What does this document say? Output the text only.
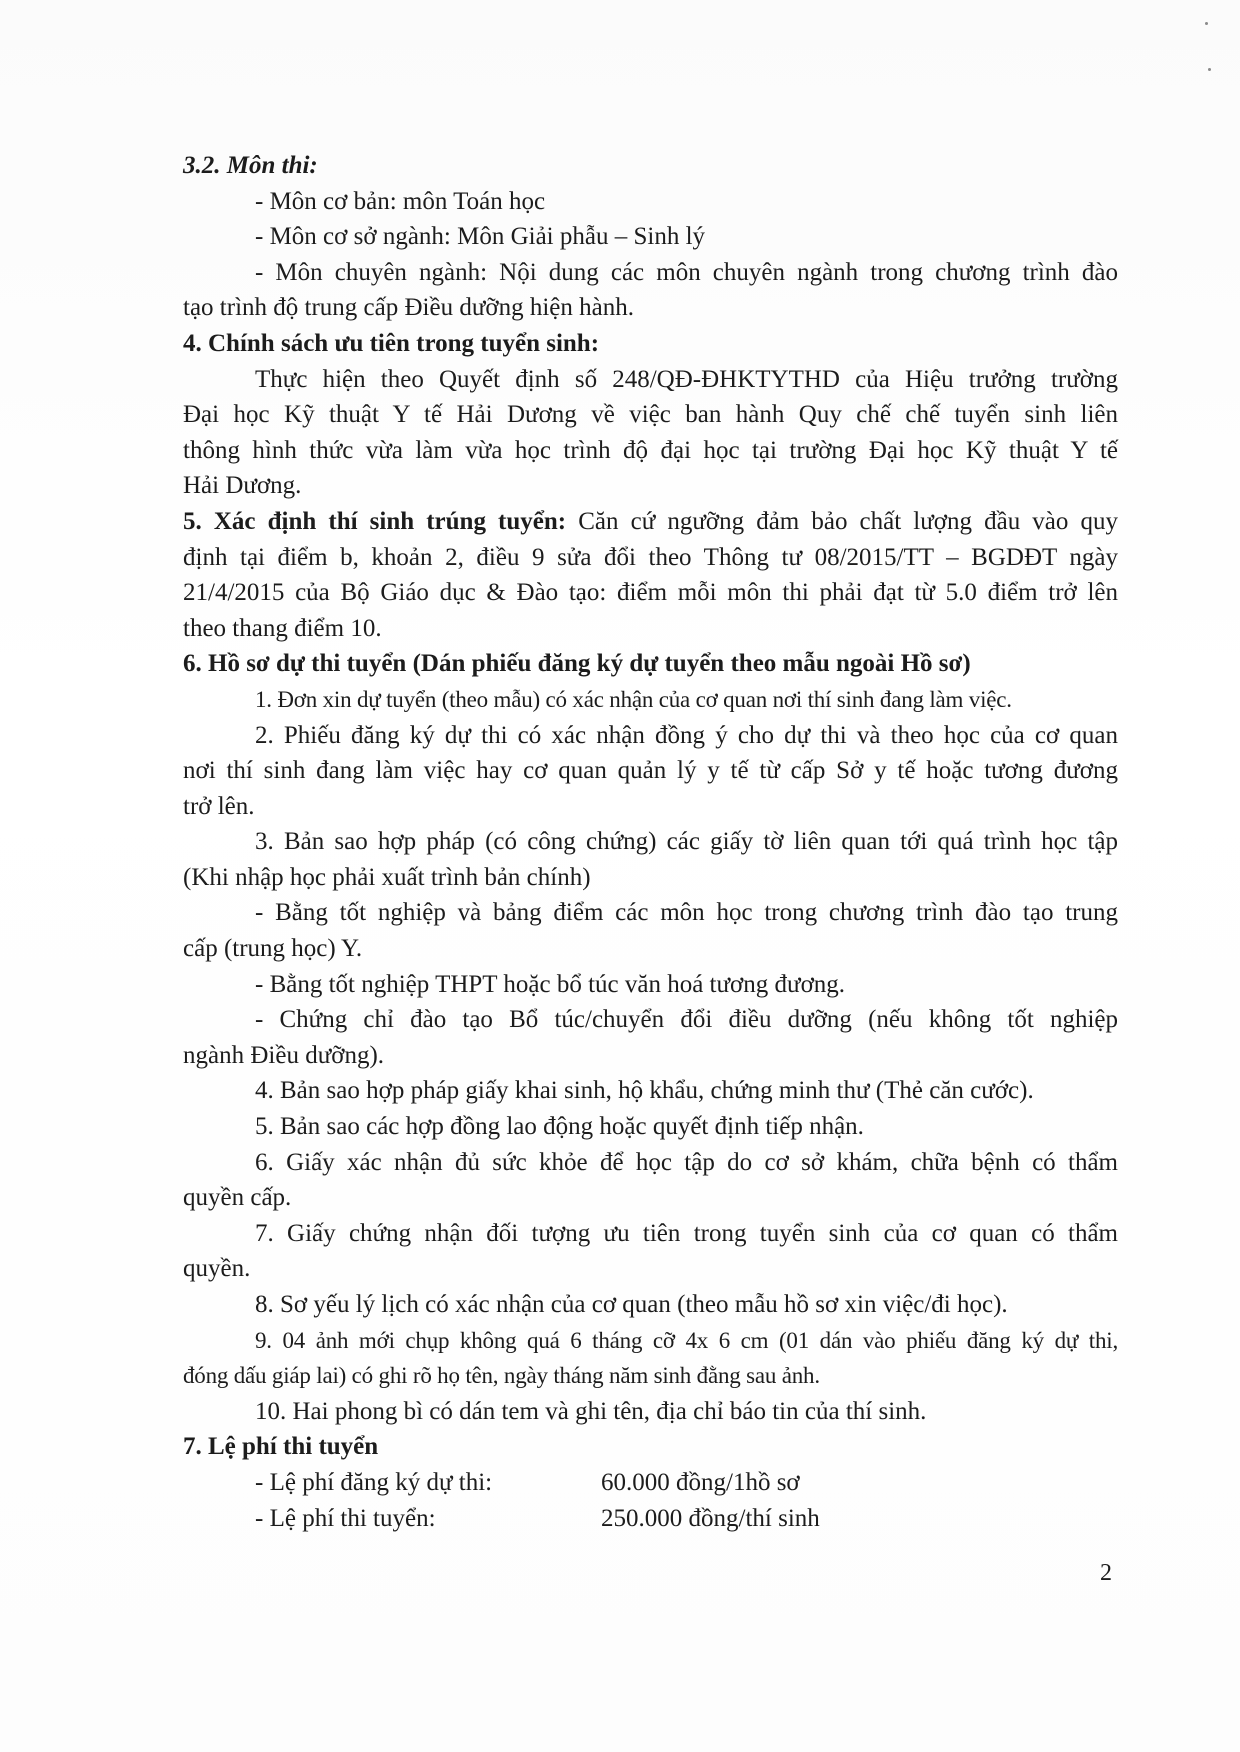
3.2. Môn thi:
- Môn cơ bản: môn Toán học
- Môn cơ sở ngành: Môn Giải phẫu – Sinh lý
- Môn chuyên ngành: Nội dung các môn chuyên ngành trong chương trình đào
tạo trình độ trung cấp Điều dưỡng hiện hành.
4. Chính sách ưu tiên trong tuyển sinh:
Thực hiện theo Quyết định số 248/QĐ-ĐHKTYTHD của Hiệu trưởng trường
Đại học Kỹ thuật Y tế Hải Dương về việc ban hành Quy chế chế tuyển sinh liên
thông hình thức vừa làm vừa học trình độ đại học tại trường Đại học Kỹ thuật Y tế
Hải Dương.
5. Xác định thí sinh trúng tuyển: Căn cứ ngưỡng đảm bảo chất lượng đầu vào quy
định tại điểm b, khoản 2, điều 9 sửa đổi theo Thông tư 08/2015/TT – BGDĐT ngày
21/4/2015 của Bộ Giáo dục & Đào tạo: điểm mỗi môn thi phải đạt từ 5.0 điểm trở lên
theo thang điểm 10.
6. Hồ sơ dự thi tuyển (Dán phiếu đăng ký dự tuyển theo mẫu ngoài Hồ sơ)
1. Đơn xin dự tuyển (theo mẫu) có xác nhận của cơ quan nơi thí sinh đang làm việc.
2. Phiếu đăng ký dự thi có xác nhận đồng ý cho dự thi và theo học của cơ quan
nơi thí sinh đang làm việc hay cơ quan quản lý y tế từ cấp Sở y tế hoặc tương đương
trở lên.
3. Bản sao hợp pháp (có công chứng) các giấy tờ liên quan tới quá trình học tập
(Khi nhập học phải xuất trình bản chính)
- Bằng tốt nghiệp và bảng điểm các môn học trong chương trình đào tạo trung
cấp (trung học) Y.
- Bằng tốt nghiệp THPT hoặc bổ túc văn hoá tương đương.
- Chứng chỉ đào tạo Bổ túc/chuyển đổi điều dưỡng (nếu không tốt nghiệp
ngành Điều dưỡng).
4. Bản sao hợp pháp giấy khai sinh, hộ khẩu, chứng minh thư (Thẻ căn cước).
5. Bản sao các hợp đồng lao động hoặc quyết định tiếp nhận.
6. Giấy xác nhận đủ sức khỏe để học tập do cơ sở khám, chữa bệnh có thẩm
quyền cấp.
7. Giấy chứng nhận đối tượng ưu tiên trong tuyển sinh của cơ quan có thẩm
quyền.
8. Sơ yếu lý lịch có xác nhận của cơ quan (theo mẫu hồ sơ xin việc/đi học).
9. 04 ảnh mới chụp không quá 6 tháng cỡ 4x 6 cm (01 dán vào phiếu đăng ký dự thi,
đóng dấu giáp lai) có ghi rõ họ tên, ngày tháng năm sinh đằng sau ảnh.
10. Hai phong bì có dán tem và ghi tên, địa chỉ báo tin của thí sinh.
7. Lệ phí thi tuyển
- Lệ phí đăng ký dự thi:	60.000 đồng/1hồ sơ
- Lệ phí thi tuyển:	250.000 đồng/thí sinh
2
